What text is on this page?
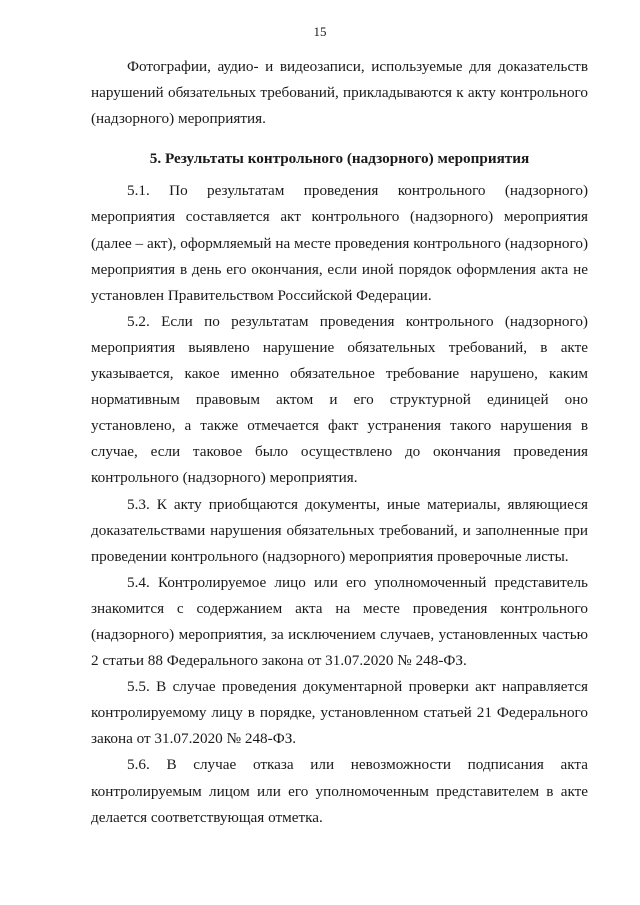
15

Фотографии, аудио- и видеозаписи, используемые для доказательств нарушений обязательных требований, прикладываются к акту контрольного (надзорного) мероприятия.

5. Результаты контрольного (надзорного) мероприятия

5.1. По результатам проведения контрольного (надзорного) мероприятия составляется акт контрольного (надзорного) мероприятия (далее – акт), оформляемый на месте проведения контрольного (надзорного) мероприятия в день его окончания, если иной порядок оформления акта не установлен Правительством Российской Федерации.

5.2. Если по результатам проведения контрольного (надзорного) мероприятия выявлено нарушение обязательных требований, в акте указывается, какое именно обязательное требование нарушено, каким нормативным правовым актом и его структурной единицей оно установлено, а также отмечается факт устранения такого нарушения в случае, если таковое было осуществлено до окончания проведения контрольного (надзорного) мероприятия.

5.3. К акту приобщаются документы, иные материалы, являющиеся доказательствами нарушения обязательных требований, и заполненные при проведении контрольного (надзорного) мероприятия проверочные листы.

5.4. Контролируемое лицо или его уполномоченный представитель знакомится с содержанием акта на месте проведения контрольного (надзорного) мероприятия, за исключением случаев, установленных частью 2 статьи 88 Федерального закона от 31.07.2020 № 248-ФЗ.

5.5. В случае проведения документарной проверки акт направляется контролируемому лицу в порядке, установленном статьей 21 Федерального закона от 31.07.2020 № 248-ФЗ.

5.6. В случае отказа или невозможности подписания акта контролируемым лицом или его уполномоченным представителем в акте делается соответствующая отметка.
